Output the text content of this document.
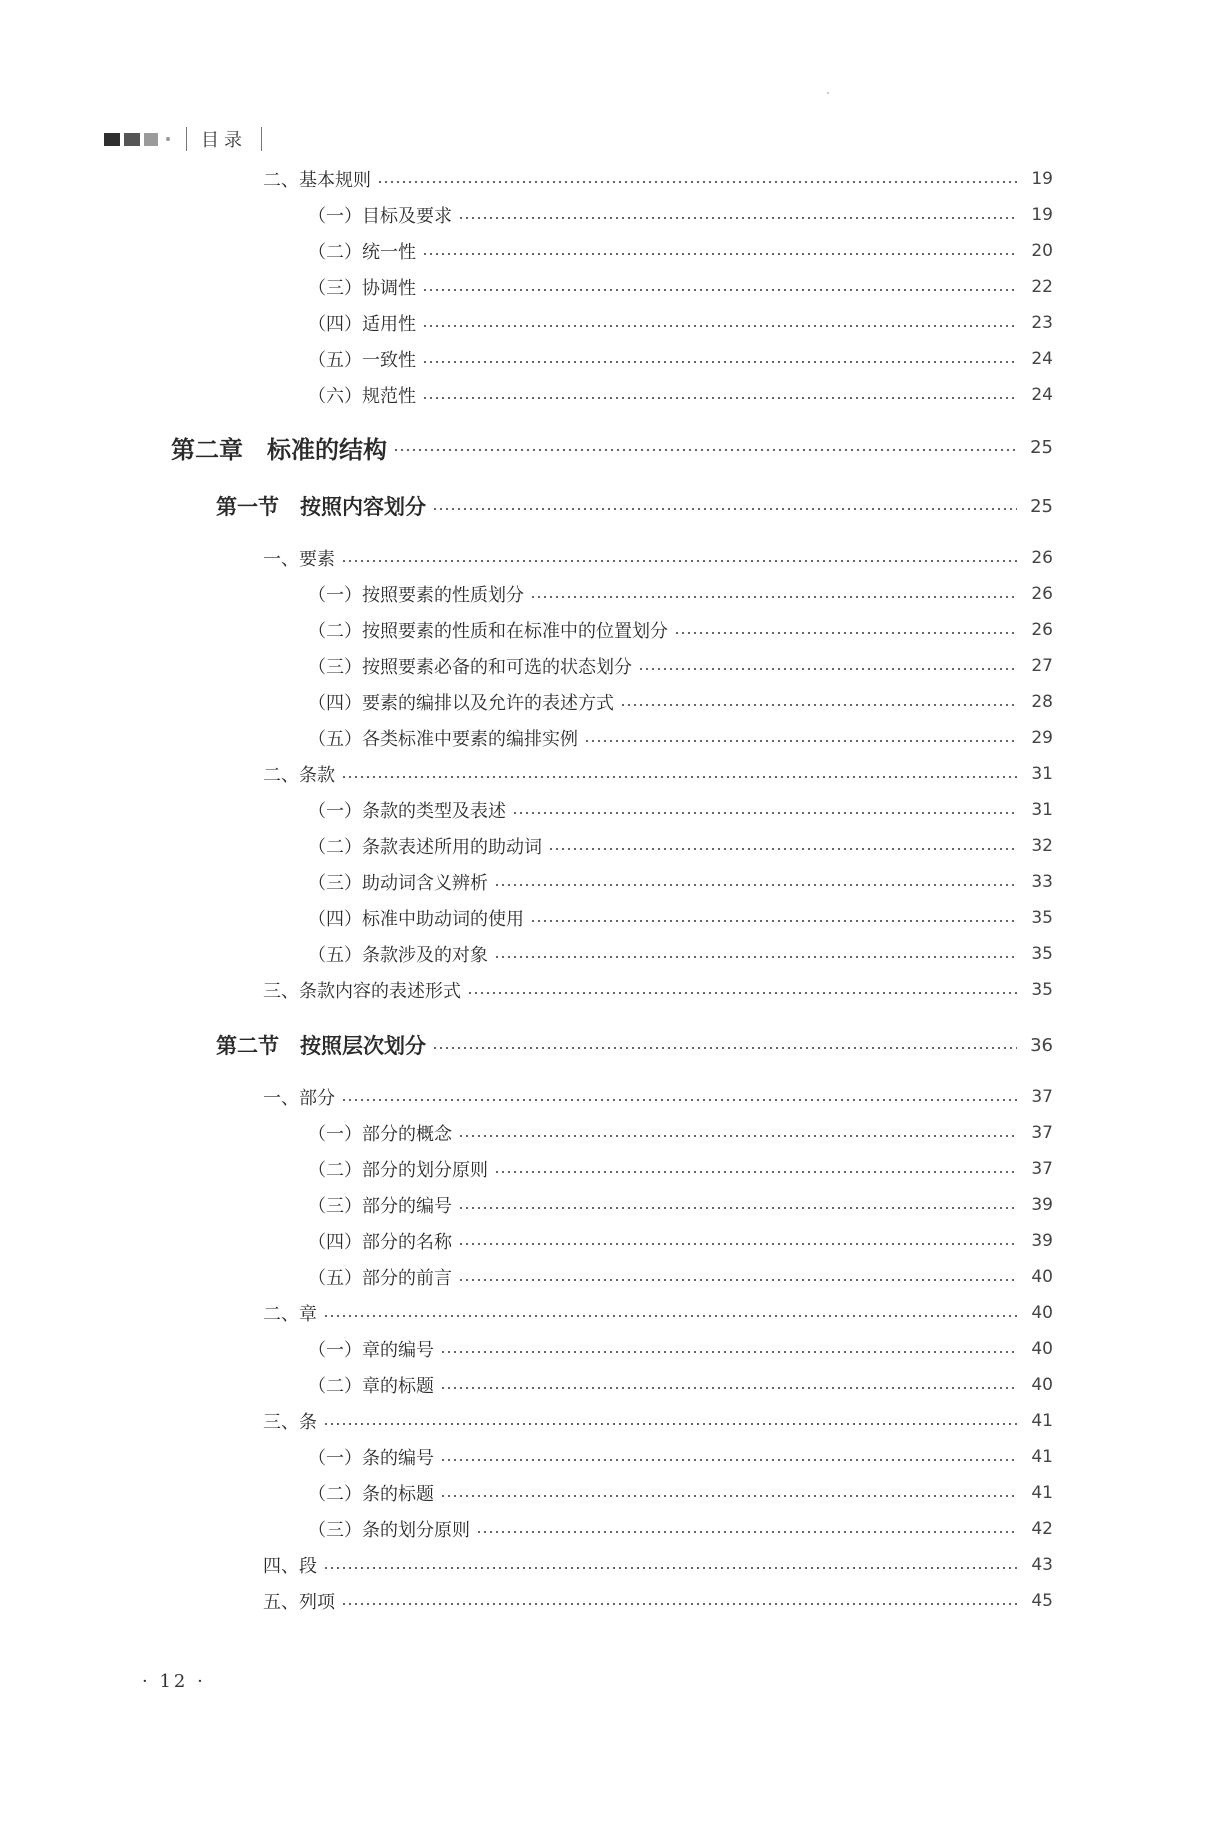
目录
二、基本规则	19
（一）目标及要求	19
（二）统一性	20
（三）协调性	22
（四）适用性	23
（五）一致性	24
（六）规范性	24
第二章　标准的结构	25
第一节　按照内容划分	25
一、要素	26
（一）按照要素的性质划分	26
（二）按照要素的性质和在标准中的位置划分	26
（三）按照要素必备的和可选的状态划分	27
（四）要素的编排以及允许的表述方式	28
（五）各类标准中要素的编排实例	29
二、条款	31
（一）条款的类型及表述	31
（二）条款表述所用的助动词	32
（三）助动词含义辨析	33
（四）标准中助动词的使用	35
（五）条款涉及的对象	35
三、条款内容的表述形式	35
第二节　按照层次划分	36
一、部分	37
（一）部分的概念	37
（二）部分的划分原则	37
（三）部分的编号	39
（四）部分的名称	39
（五）部分的前言	40
二、章	40
（一）章的编号	40
（二）章的标题	40
三、条	41
（一）条的编号	41
（二）条的标题	41
（三）条的划分原则	42
四、段	43
五、列项	45
· 12 ·
